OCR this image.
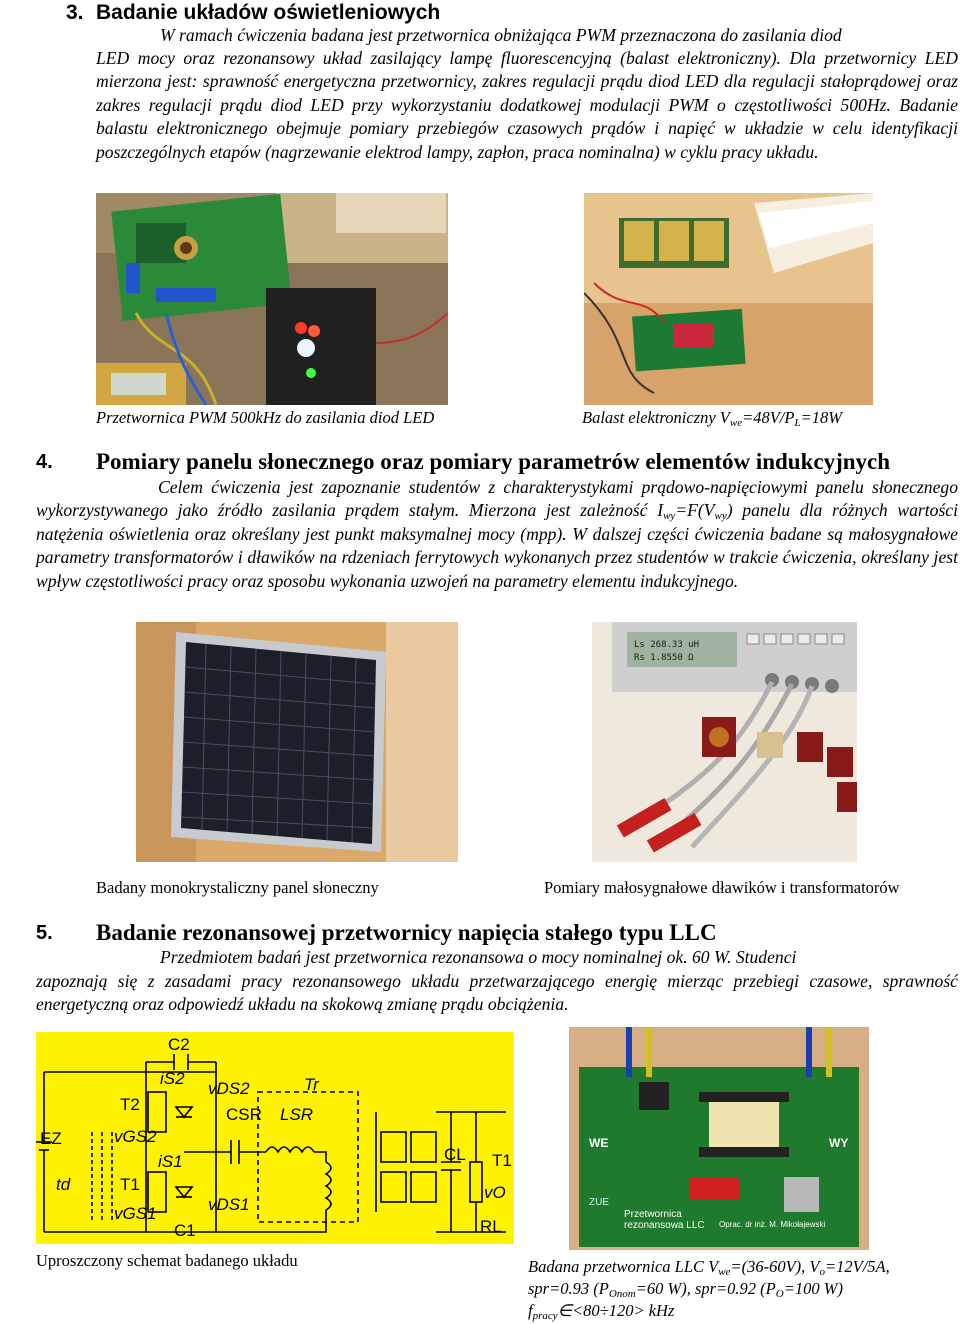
3. Badanie układów oświetleniowych
W ramach ćwiczenia badana jest przetwornica obniżająca PWM przeznaczona do zasilania diod
LED mocy oraz rezonansowy układ zasilający lampę fluorescencyjną (balast elektroniczny). Dla przetwornicy LED mierzona jest: sprawność energetyczna przetwornicy, zakres regulacji prądu diod LED dla regulacji stałoprądowej oraz zakres regulacji prądu diod LED przy wykorzystaniu dodatkowej modulacji PWM o częstotliwości 500Hz. Badanie balastu elektronicznego obejmuje pomiary przebiegów czasowych prądów i napięć w układzie w celu identyfikacji poszczególnych etapów (nagrzewanie elektrod lampy, zapłon, praca nominalna) w cyklu pracy układu.
Przetwornica PWM 500kHz do zasilania diod LED	Balast elektroniczny $V_{we}=48V/P_L=18W$
4. Pomiary panelu słonecznego oraz pomiary parametrów elementów indukcyjnych
Celem ćwiczenia jest zapoznanie studentów z charakterystykami prądowo-napięciowymi panelu słonecznego wykorzystywanego jako źródło zasilania prądem stałym. Mierzona jest zależność $I_{wy}=F(V_{wy})$ panelu dla różnych wartości natężenia oświetlenia oraz określany jest punkt maksymalnej mocy (mpp). W dalszej części ćwiczenia badane są małosygnałowe parametry transformatorów i dławików na rdzeniach ferrytowych wykonanych przez studentów w trakcie ćwiczenia, określany jest wpływ częstotliwości pracy oraz sposobu wykonania uzwojeń na parametry elementu indukcyjnego.
Ls 268.33 uH
Rs 1.8550 Ω
Badany monokrystaliczny panel słoneczny	Pomiary małosygnałowe dławików i transformatorów
5. Badanie rezonansowej przetwornicy napięcia stałego typu LLC
Przedmiotem badań jest przetwornica rezonansowa o mocy nominalnej ok. 60 W. Studenci
zapoznają się z zasadami pracy rezonansowego układu przetwarzającego energię mierząc przebiegi czasowe, sprawność energetyczną oraz odpowiedź układu na skokową zmianę prądu obciążenia.
C2
iS2
vDS2
T2
CSR LSR
Tr
EZ	vGS2
iS1	CL T1
td	T1
vDS1
vO
vGS1
C1	RL
WE	WY
ZUE
Przetwornica
rezonansowa LLC Oprac. dr inż. M. Mikołajewski
Uproszczony schemat badanego układu	Badana przetwornica LLC $V_{we}=(36-60V)$, $V_o=12V/5A$,
spr=0.93 ($P_{Onom}=60$ W), spr=0.92 ($P_O=100$ W)
$f_{pracy}\in<80\div 120>$ kHz
